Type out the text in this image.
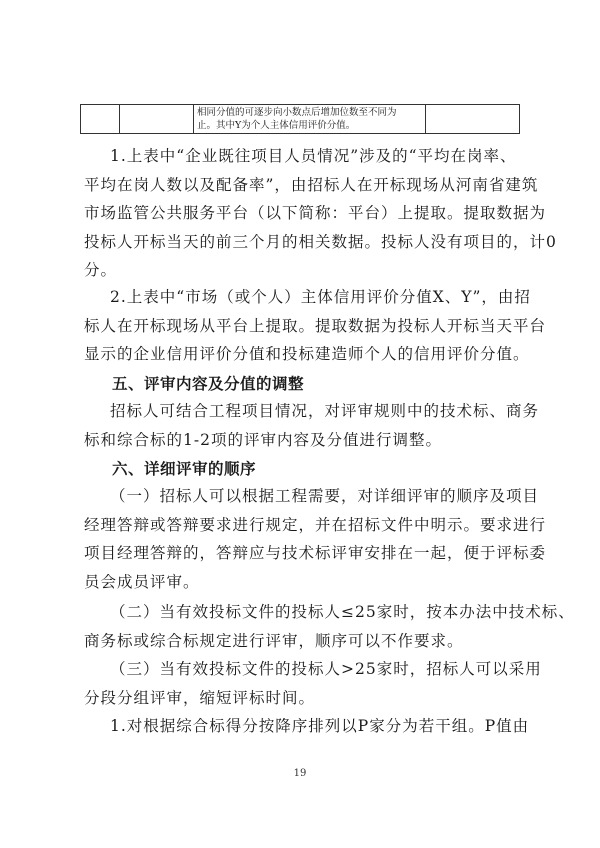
相同分值的可逐步向小数点后增加位数至不同为
止。其中Y为个人主体信用评价分值。

1.上表中“企业既往项目人员情况”涉及的“平均在岗率、
平均在岗人数以及配备率”，由招标人在开标现场从河南省建筑
市场监管公共服务平台（以下简称：平台）上提取。提取数据为
投标人开标当天的前三个月的相关数据。投标人没有项目的，计0
分。
2.上表中“市场（或个人）主体信用评价分值X、Y”，由招
标人在开标现场从平台上提取。提取数据为投标人开标当天平台
显示的企业信用评价分值和投标建造师个人的信用评价分值。
五、评审内容及分值的调整
招标人可结合工程项目情况，对评审规则中的技术标、商务
标和综合标的1-2项的评审内容及分值进行调整。
六、详细评审的顺序
（一）招标人可以根据工程需要，对详细评审的顺序及项目
经理答辩或答辩要求进行规定，并在招标文件中明示。要求进行
项目经理答辩的，答辩应与技术标评审安排在一起，便于评标委
员会成员评审。
（二）当有效投标文件的投标人≤25家时，按本办法中技术标、
商务标或综合标规定进行评审，顺序可以不作要求。
（三）当有效投标文件的投标人>25家时，招标人可以采用
分段分组评审，缩短评标时间。
1.对根据综合标得分按降序排列以P家分为若干组。P值由
19
